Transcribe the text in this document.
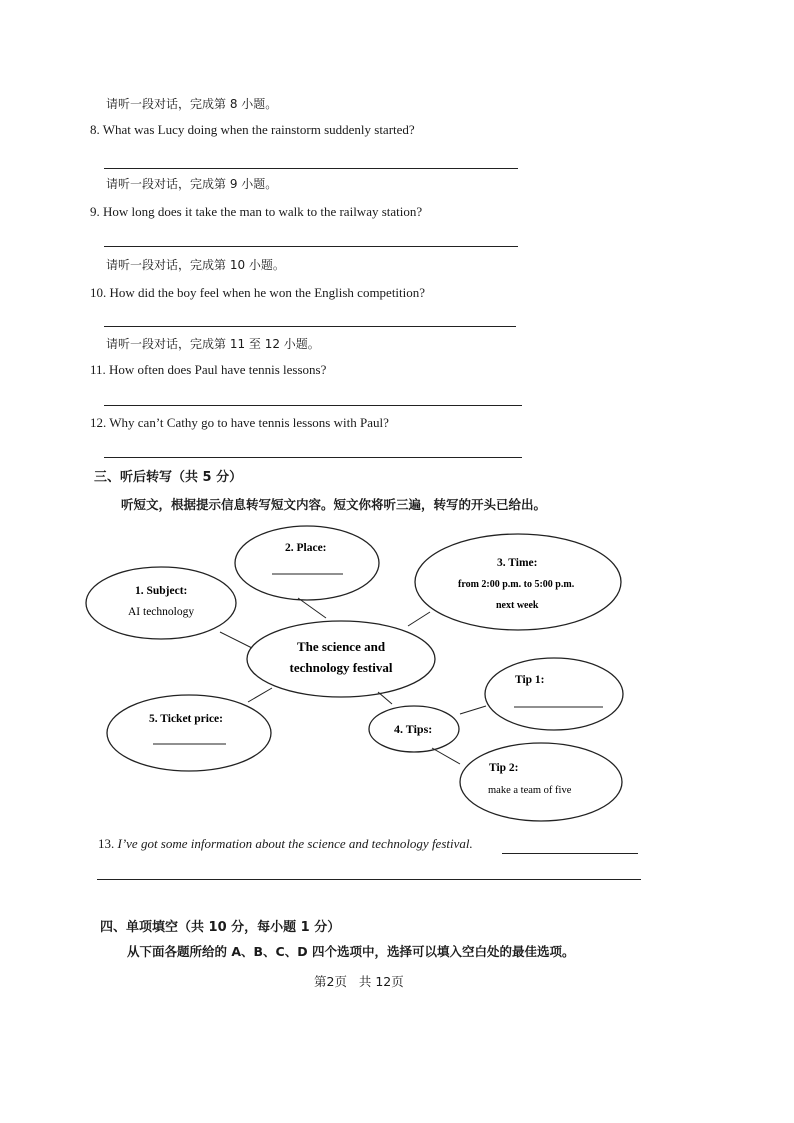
请听一段对话，完成第 8 小题。
8. What was Lucy doing when the rainstorm suddenly started?
请听一段对话，完成第 9 小题。
9. How long does it take the man to walk to the railway station?
请听一段对话，完成第 10 小题。
10. How did the boy feel when he won the English competition?
请听一段对话，完成第 11 至 12 小题。
11. How often does Paul have tennis lessons?
12. Why can’t Cathy go to have tennis lessons with Paul?
三、听后转写（共 5 分）
听短文，根据提示信息转写短文内容。短文你将听三遍，转写的开头已给出。
2. Place:
1. Subject:
AI technology
3. Time:
from 2:00 p.m. to 5:00 p.m.
next week
The science and
technology festival
Tip 1:
4. Tips:
5. Ticket price:
Tip 2:
make a team of five
13. I’ve got some information about the science and technology festival.
四、单项填空（共 10 分，每小题 1 分）
从下面各题所给的 A、B、C、D 四个选项中，选择可以填入空白处的最佳选项。
第2页 共 12页
